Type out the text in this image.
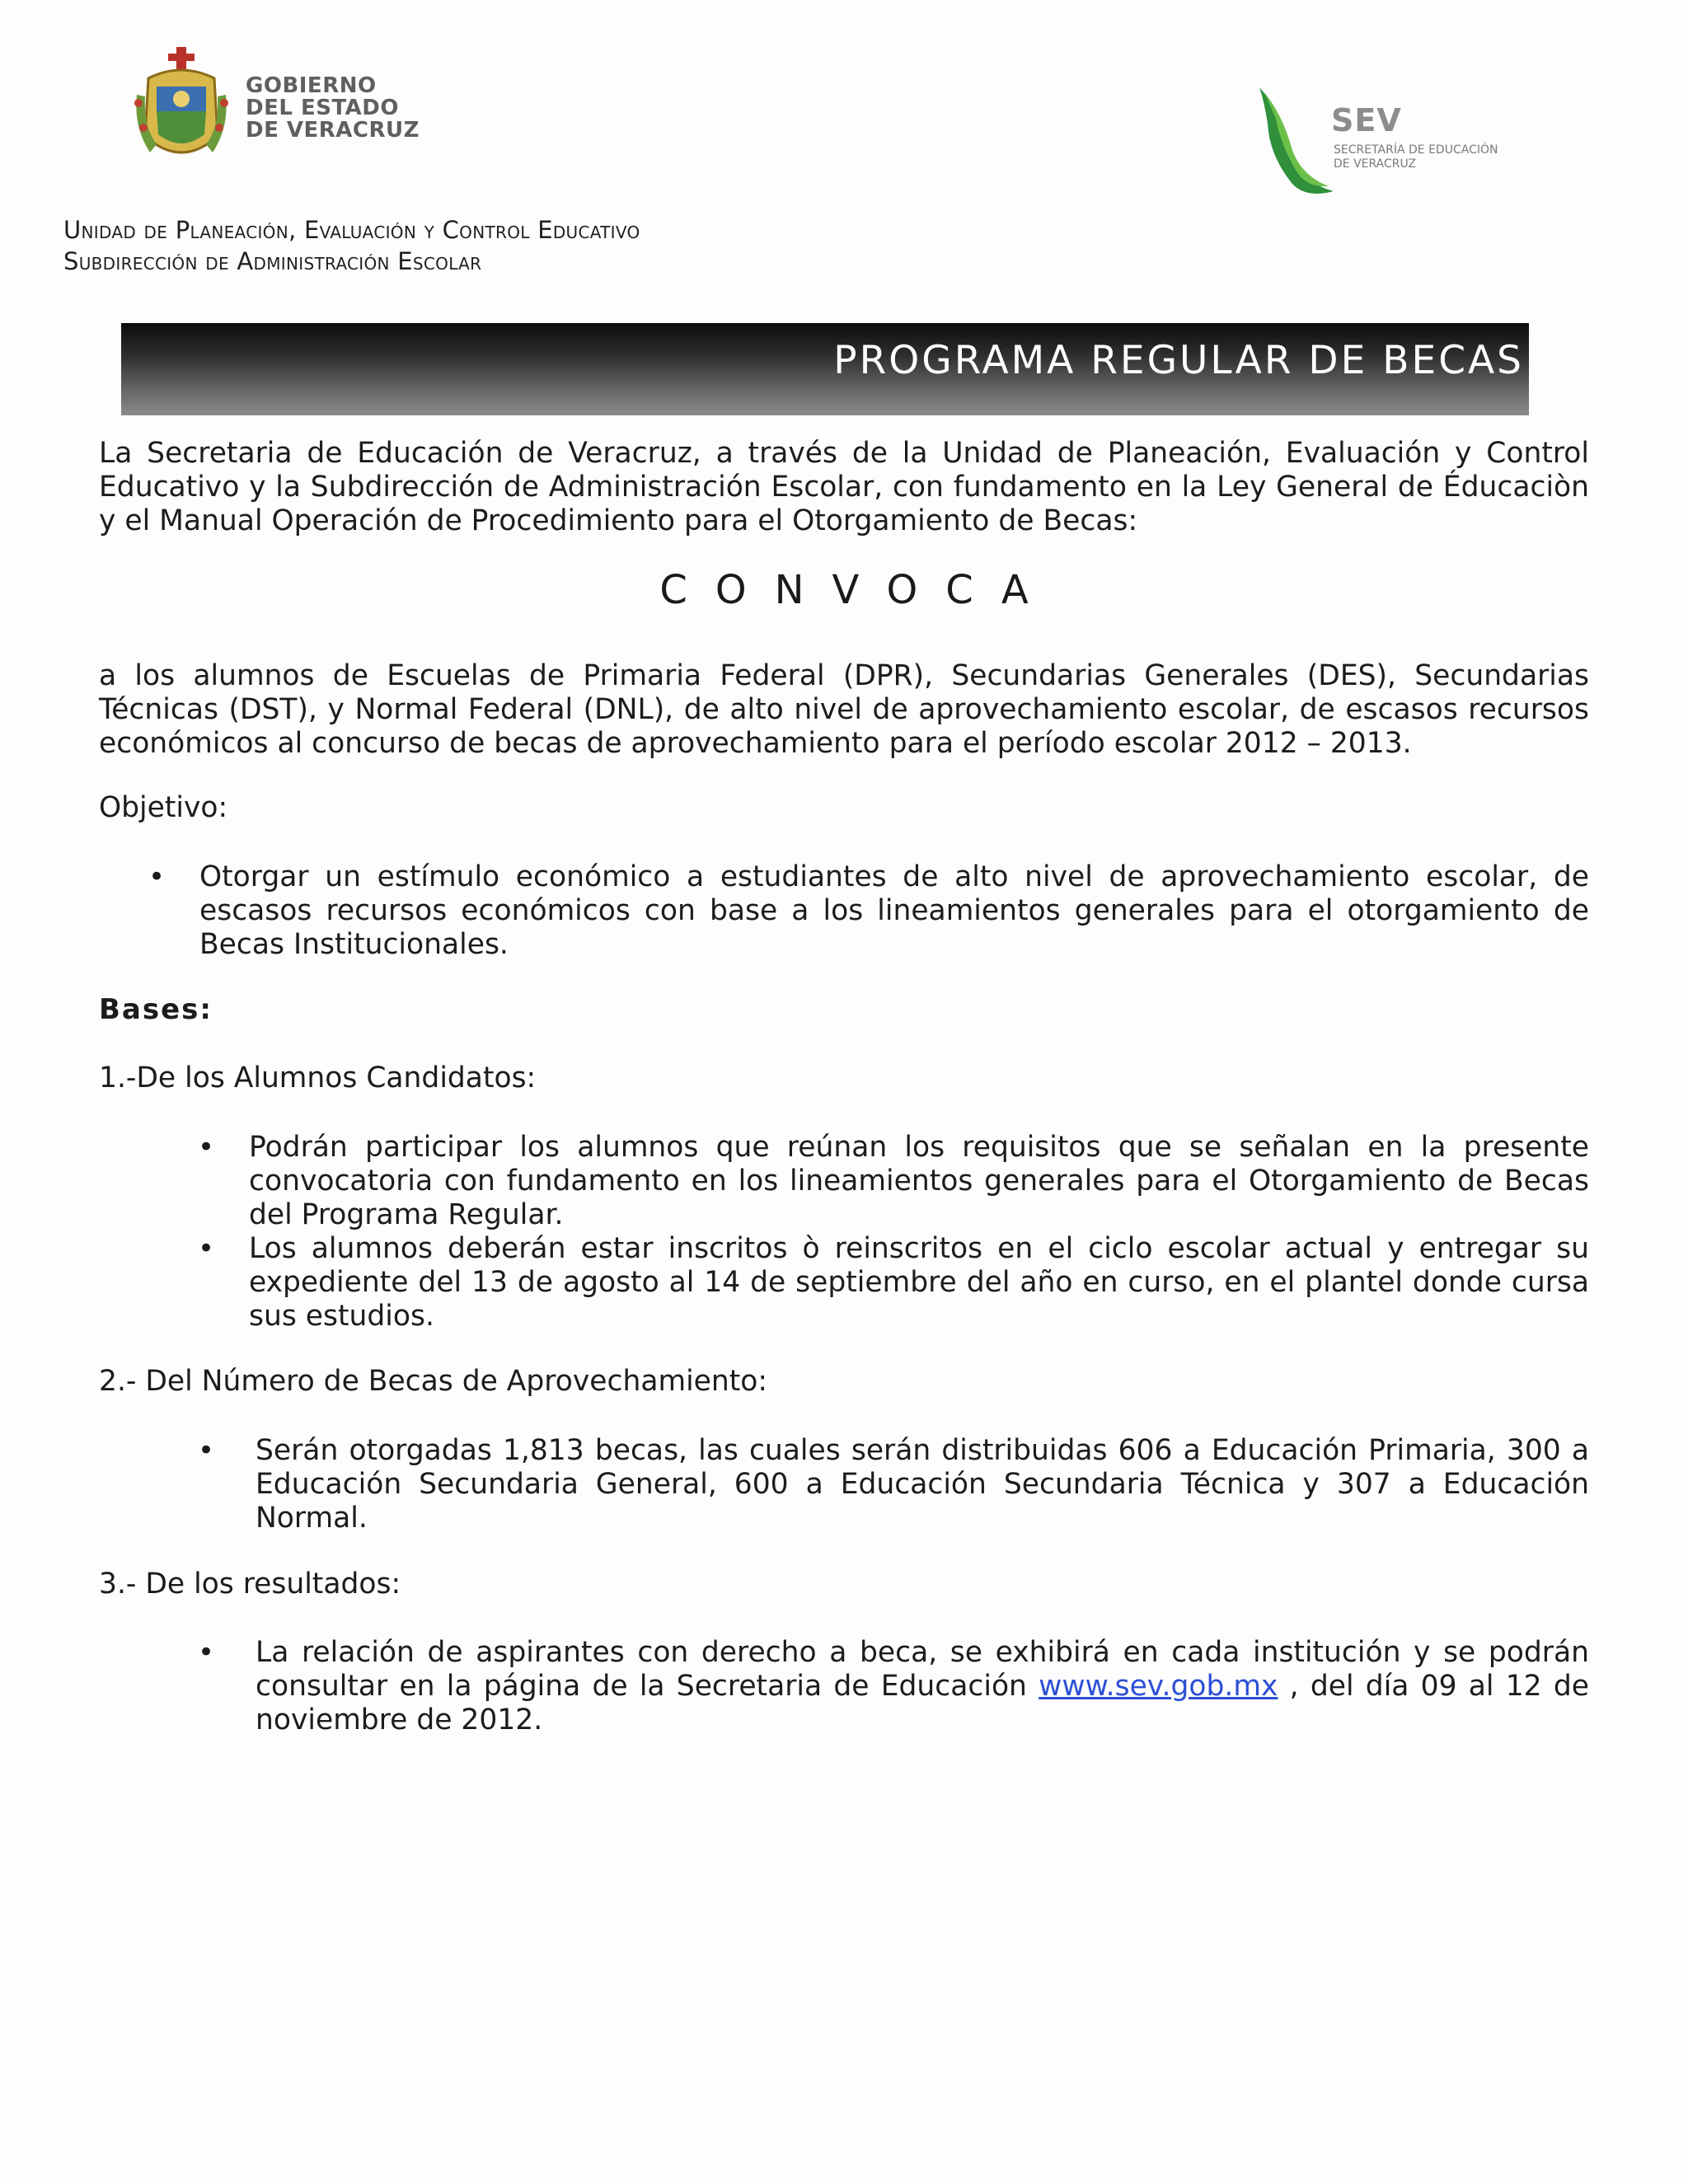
GOBIERNO
DEL ESTADO
DE VERACRUZ	SEV
SECRETARÍA DE EDUCACIÓN
DE VERACRUZ
Unidad de Planeación, Evaluación y Control Educativo
Subdirección de Administración Escolar
PROGRAMA REGULAR DE BECAS
La Secretaria de Educación de Veracruz, a través de la Unidad de Planeación, Evaluación y Control Educativo y la Subdirección de Administración Escolar, con fundamento en la Ley General de Éducaciòn y el Manual Operación de Procedimiento para el Otorgamiento de Becas:
CONVOCA
a los alumnos de Escuelas de Primaria Federal (DPR), Secundarias Generales (DES), Secundarias Técnicas (DST), y Normal Federal (DNL), de alto nivel de aprovechamiento escolar, de escasos recursos económicos al concurso de becas de aprovechamiento para el período escolar 2012 – 2013.
Objetivo:
• Otorgar un estímulo económico a estudiantes de alto nivel de aprovechamiento escolar, de escasos recursos económicos con base a los lineamientos generales para el otorgamiento de Becas Institucionales.
Bases:
1.-De los Alumnos Candidatos:
• Podrán participar los alumnos que reúnan los requisitos que se señalan en la presente convocatoria con fundamento en los lineamientos generales para el Otorgamiento de Becas del Programa Regular.
• Los alumnos deberán estar inscritos ò reinscritos en el ciclo escolar actual y entregar su expediente del 13 de agosto al 14 de septiembre del año en curso, en el plantel donde cursa sus estudios.
2.- Del Número de Becas de Aprovechamiento:
• Serán otorgadas 1,813 becas, las cuales serán distribuidas 606 a Educación Primaria, 300 a Educación Secundaria General, 600 a Educación Secundaria Técnica y 307 a Educación Normal.
3.- De los resultados:
• La relación de aspirantes con derecho a beca, se exhibirá en cada institución y se podrán consultar en la página de la Secretaria de Educación www.sev.gob.mx , del día 09 al 12 de noviembre de 2012.
